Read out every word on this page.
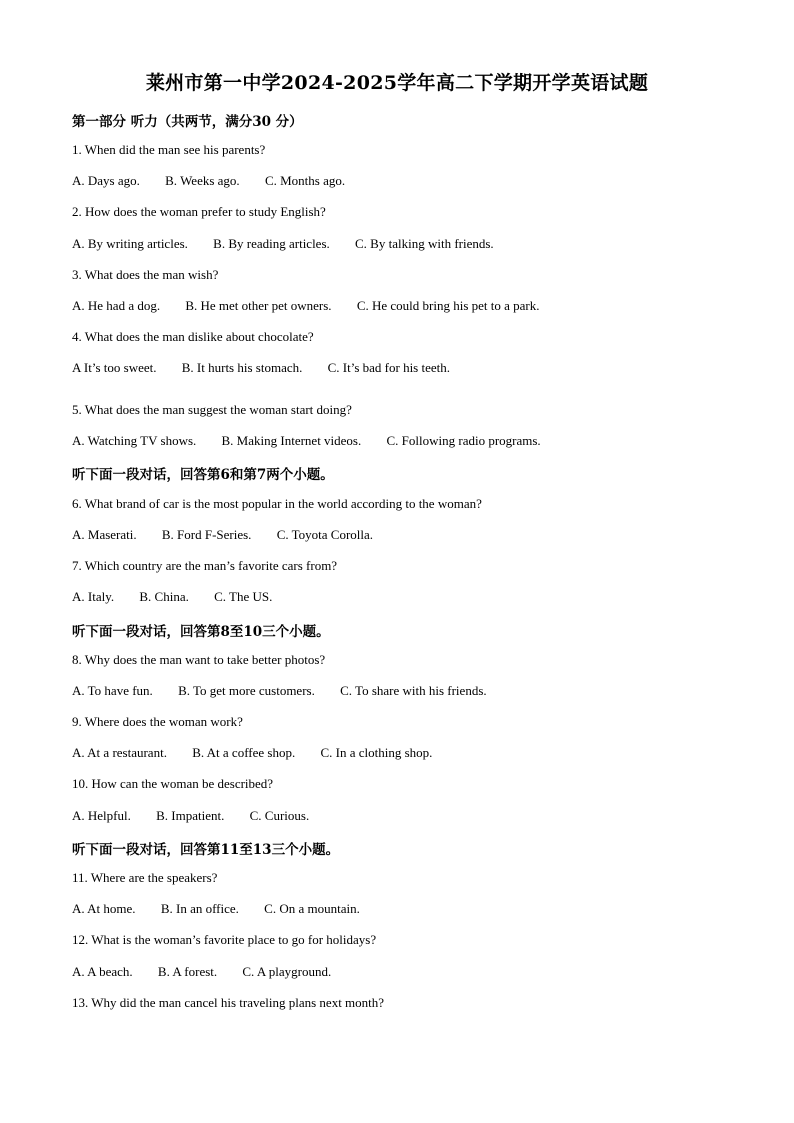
莱州市第一中学2024-2025学年高二下学期开学英语试题
第一部分 听力（共两节，满分30 分）
1. When did the man see his parents?
A. Days ago. B. Weeks ago. C. Months ago.
2. How does the woman prefer to study English?
A. By writing articles. B. By reading articles. C. By talking with friends.
3. What does the man wish?
A. He had a dog. B. He met other pet owners. C. He could bring his pet to a park.
4. What does the man dislike about chocolate?
A It’s too sweet. B. It hurts his stomach. C. It’s bad for his teeth.
5. What does the man suggest the woman start doing?
A. Watching TV shows. B. Making Internet videos. C. Following radio programs.
听下面一段对话，回答第6和第7两个小题。
6. What brand of car is the most popular in the world according to the woman?
A. Maserati. B. Ford F-Series. C. Toyota Corolla.
7. Which country are the man’s favorite cars from?
A. Italy. B. China. C. The US.
听下面一段对话，回答第8至10三个小题。
8. Why does the man want to take better photos?
A. To have fun. B. To get more customers. C. To share with his friends.
9. Where does the woman work?
A. At a restaurant. B. At a coffee shop. C. In a clothing shop.
10. How can the woman be described?
A. Helpful. B. Impatient. C. Curious.
听下面一段对话，回答第11至13三个小题。
11. Where are the speakers?
A. At home. B. In an office. C. On a mountain.
12. What is the woman’s favorite place to go for holidays?
A. A beach. B. A forest. C. A playground.
13. Why did the man cancel his traveling plans next month?
